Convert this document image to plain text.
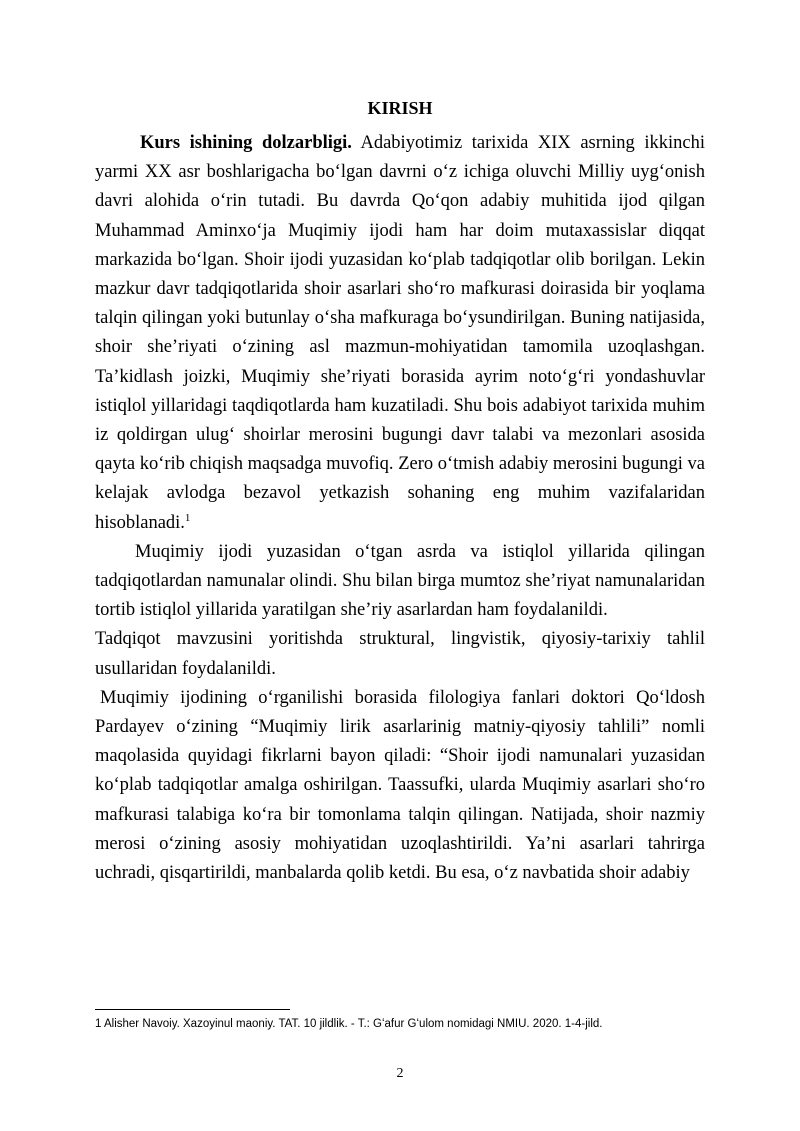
KIRISH

Kurs ishining dolzarbligi. Adabiyotimiz tarixida XIX asrning ikkinchi yarmi XX asr boshlarigacha boʻlgan davrni oʻz ichiga oluvchi Milliy uygʻonish davri alohida oʻrin tutadi. Bu davrda Qoʻqon adabiy muhitida ijod qilgan Muhammad Aminxoʻja Muqimiy ijodi ham har doim mutaxassislar diqqat markazida boʻlgan. Shoir ijodi yuzasidan koʻplab tadqiqotlar olib borilgan. Lekin mazkur davr tadqiqotlarida shoir asarlari shoʻro mafkurasi doirasida bir yoqlama talqin qilingan yoki butunlay oʻsha mafkuraga boʻysundirilgan. Buning natijasida, shoir she’riyati oʻzining asl mazmun-mohiyatidan tamomila uzoqlashgan. Ta’kidlash joizki, Muqimiy she’riyati borasida ayrim notoʻgʻri yondashuvlar istiqlol yillaridagi taqdiqotlarda ham kuzatiladi. Shu bois adabiyot tarixida muhim iz qoldirgan ulugʻ shoirlar merosini bugungi davr talabi va mezonlari asosida qayta koʻrib chiqish maqsadga muvofiq. Zero oʻtmish adabiy merosini bugungi va kelajak avlodga bezavol yetkazish sohaning eng muhim vazifalaridan hisoblanadi.$^1$

Muqimiy ijodi yuzasidan oʻtgan asrda va istiqlol yillarida qilingan tadqiqotlardan namunalar olindi. Shu bilan birga mumtoz she’riyat namunalaridan tortib istiqlol yillarida yaratilgan she’riy asarlardan ham foydalanildi.

Tadqiqot mavzusini yoritishda struktural, lingvistik, qiyosiy-tarixiy tahlil usullaridan foydalanildi.

Muqimiy ijodining oʻrganilishi borasida filologiya fanlari doktori Qoʻldosh Pardayev oʻzining “Muqimiy lirik asarlarinig matniy-qiyosiy tahlili” nomli maqolasida quyidagi fikrlarni bayon qiladi: “Shoir ijodi namunalari yuzasidan koʻplab tadqiqotlar amalga oshirilgan. Taassufki, ularda Muqimiy asarlari shoʻro mafkurasi talabiga koʻra bir tomonlama talqin qilingan. Natijada, shoir nazmiy merosi oʻzining asosiy mohiyatidan uzoqlashtirildi. Ya’ni asarlari tahrirga uchradi, qisqartirildi, manbalarda qolib ketdi. Bu esa, oʻz navbatida shoir adabiy

1 Alisher Navoiy. Xazoyinul maoniy. TAT. 10 jildlik. - T.: Gʻafur Gʻulom nomidagi NMIU. 2020. 1-4-jild.
2
